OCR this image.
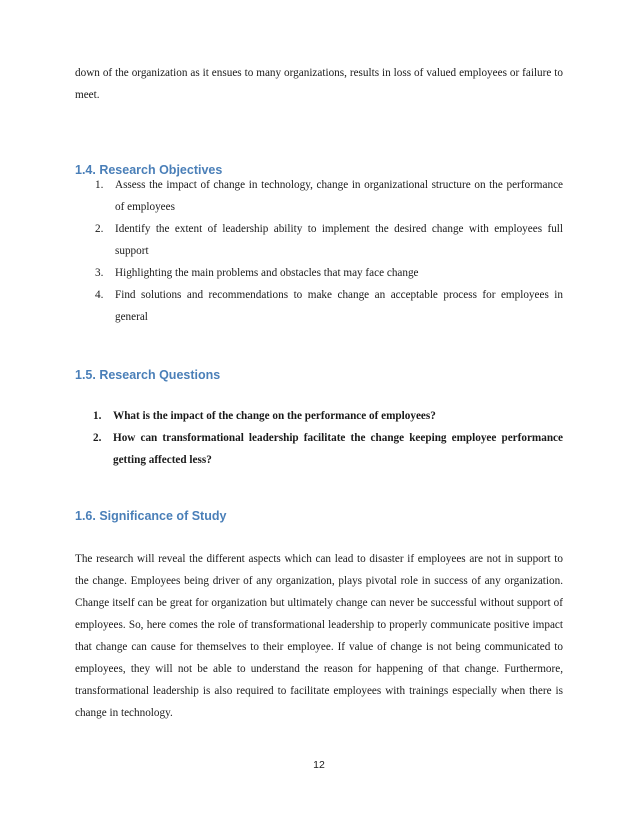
down of the organization as it ensues to many organizations, results in loss of valued employees or failure to meet.

1.4. Research Objectives
1. Assess the impact of change in technology, change in organizational structure on the performance of employees
2. Identify the extent of leadership ability to implement the desired change with employees full support
3. Highlighting the main problems and obstacles that may face change
4. Find solutions and recommendations to make change an acceptable process for employees in general
1.5. Research Questions
1. What is the impact of the change on the performance of employees?
2. How can transformational leadership facilitate the change keeping employee performance getting affected less?
1.6. Significance of Study

The research will reveal the different aspects which can lead to disaster if employees are not in support to the change. Employees being driver of any organization, plays pivotal role in success of any organization. Change itself can be great for organization but ultimately change can never be successful without support of employees. So, here comes the role of transformational leadership to properly communicate positive impact that change can cause for themselves to their employee. If value of change is not being communicated to employees, they will not be able to understand the reason for happening of that change. Furthermore, transformational leadership is also required to facilitate employees with trainings especially when there is change in technology.

12
